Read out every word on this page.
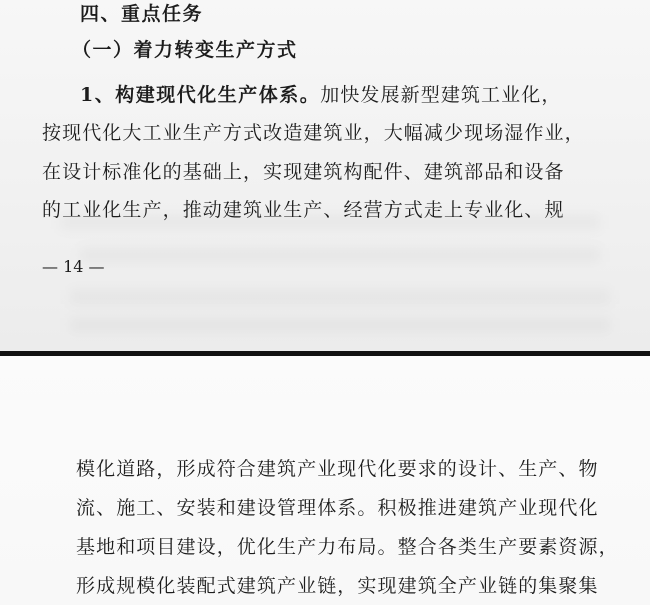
四、重点任务
（一）着力转变生产方式
1、构建现代化生产体系。加快发展新型建筑工业化，
按现代化大工业生产方式改造建筑业，大幅减少现场湿作业，
在设计标准化的基础上，实现建筑构配件、建筑部品和设备
的工业化生产，推动建筑业生产、经营方式走上专业化、规
— 14 —
模化道路，形成符合建筑产业现代化要求的设计、生产、物
流、施工、安装和建设管理体系。积极推进建筑产业现代化
基地和项目建设，优化生产力布局。整合各类生产要素资源，
形成规模化装配式建筑产业链，实现建筑全产业链的集聚集
